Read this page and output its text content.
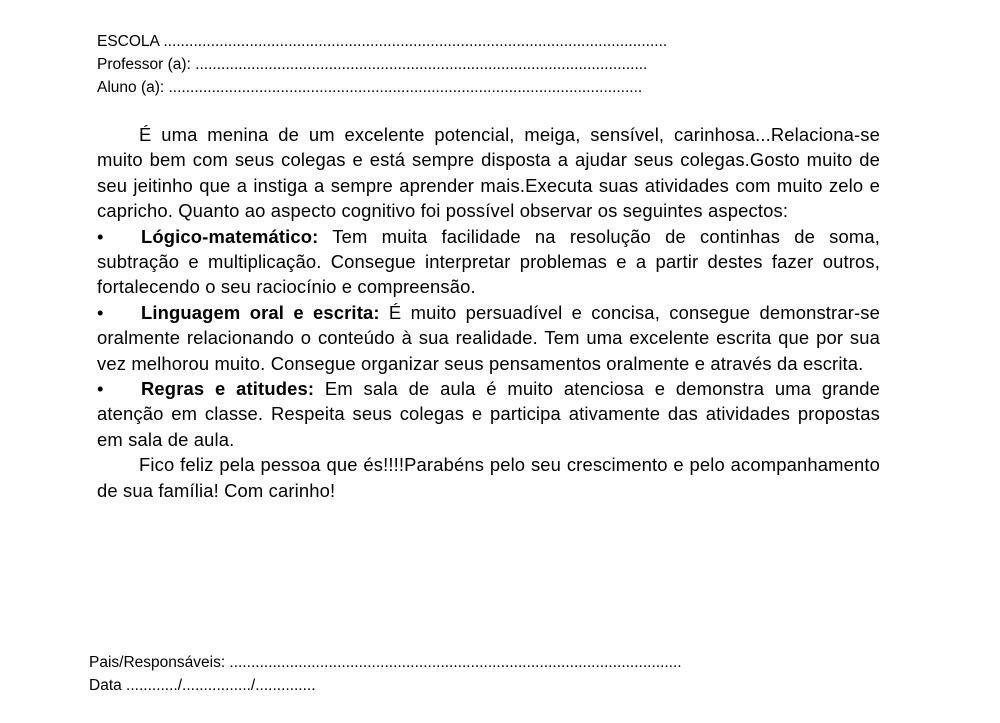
ESCOLA .....................................................................................................................
Professor (a): .........................................................................................................
Aluno (a): ..............................................................................................................

É uma menina de um excelente potencial, meiga, sensível, carinhosa...Relaciona-se muito bem com seus colegas e está sempre disposta a ajudar seus colegas.Gosto muito de seu jeitinho que a instiga a sempre aprender mais.Executa suas atividades com muito zelo e capricho. Quanto ao aspecto cognitivo foi possível observar os seguintes aspectos:

• Lógico-matemático: Tem muita facilidade na resolução de continhas de soma, subtração e multiplicação. Consegue interpretar problemas e a partir destes fazer outros, fortalecendo o seu raciocínio e compreensão.

• Linguagem oral e escrita: É muito persuadível e concisa, consegue demonstrar-se oralmente relacionando o conteúdo à sua realidade. Tem uma excelente escrita que por sua vez melhorou muito. Consegue organizar seus pensamentos oralmente e através da escrita.

• Regras e atitudes: Em sala de aula é muito atenciosa e demonstra uma grande atenção em classe. Respeita seus colegas e participa ativamente das atividades propostas em sala de aula.

Fico feliz pela pessoa que és!!!!Parabéns pelo seu crescimento e pelo acompanhamento de sua família! Com carinho!

Pais/Responsáveis: .........................................................................................................
Data ............/................/..............
